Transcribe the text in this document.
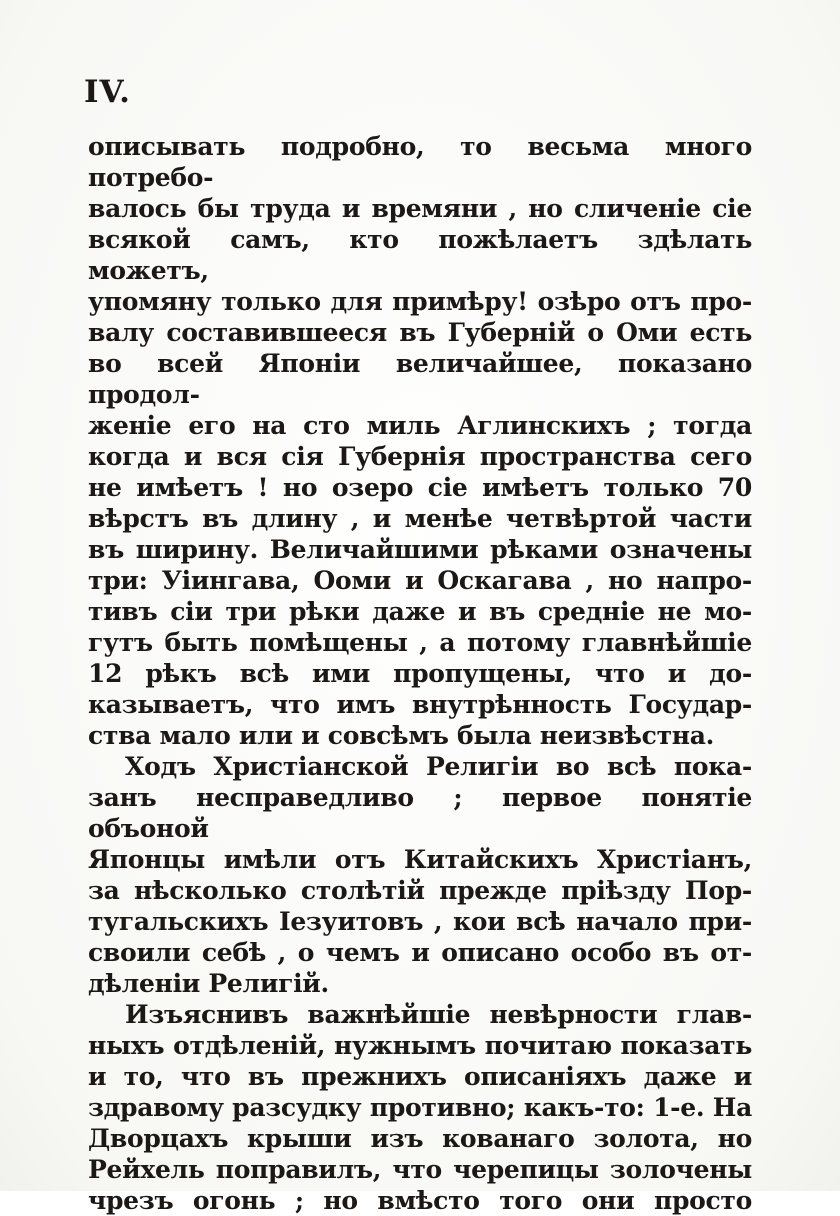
IV.
описывать подробно, то весьма много потребо-
валось бы труда и времяни , но сличеніе сіе
всякой самъ, кто пожѣлаетъ здѣлать можетъ,
упомяну только для примѣру! озѣро отъ про-
валу составившееся въ Губерній о Оми есть
во всей Японіи величайшее, показано продол-
женіе его на сто миль Аглинскихъ ; тогда
когда и вся сія Губернія пространства сего
не имѣетъ ! но озеро сіе имѣетъ только 70
вѣрстъ въ длину , и менѣе четвѣртой части
въ ширину. Величайшими рѣками означены
три: Уіингава, Ооми и Оскагава , но напро-
тивъ сіи три рѣки даже и въ средніе не мо-
гутъ быть помѣщены , а потому главнѣйшіе
12 рѣкъ всѣ ими пропущены, что и до-
казываетъ, что имъ внутрѣнность Государ-
ства мало или и совсѣмъ была неизвѣстна.
Ходъ Христіанской Религіи во всѣ пока-
занъ несправедливо ; первое понятіе объоной
Японцы имѣли отъ Китайскихъ Христіанъ,
за нѣсколько столѣтій прежде пріѣзду Пор-
тугальскихъ Іезуитовъ , кои всѣ начало при-
своили себѣ , о чемъ и описано особо въ от-
дѣленіи Религій.
Изъяснивъ важнѣйшіе невѣрности глав-
ныхъ отдѣленій, нужнымъ почитаю показать
и то, что въ прежнихъ описаніяхъ даже и
здравому разсудку противно; какъ-то: 1-е. На
Дворцахъ крыши изъ кованаго золота, но
Рейхель поправилъ, что черепицы золочены
чрезъ огонь ; но вмѣсто того они просто
